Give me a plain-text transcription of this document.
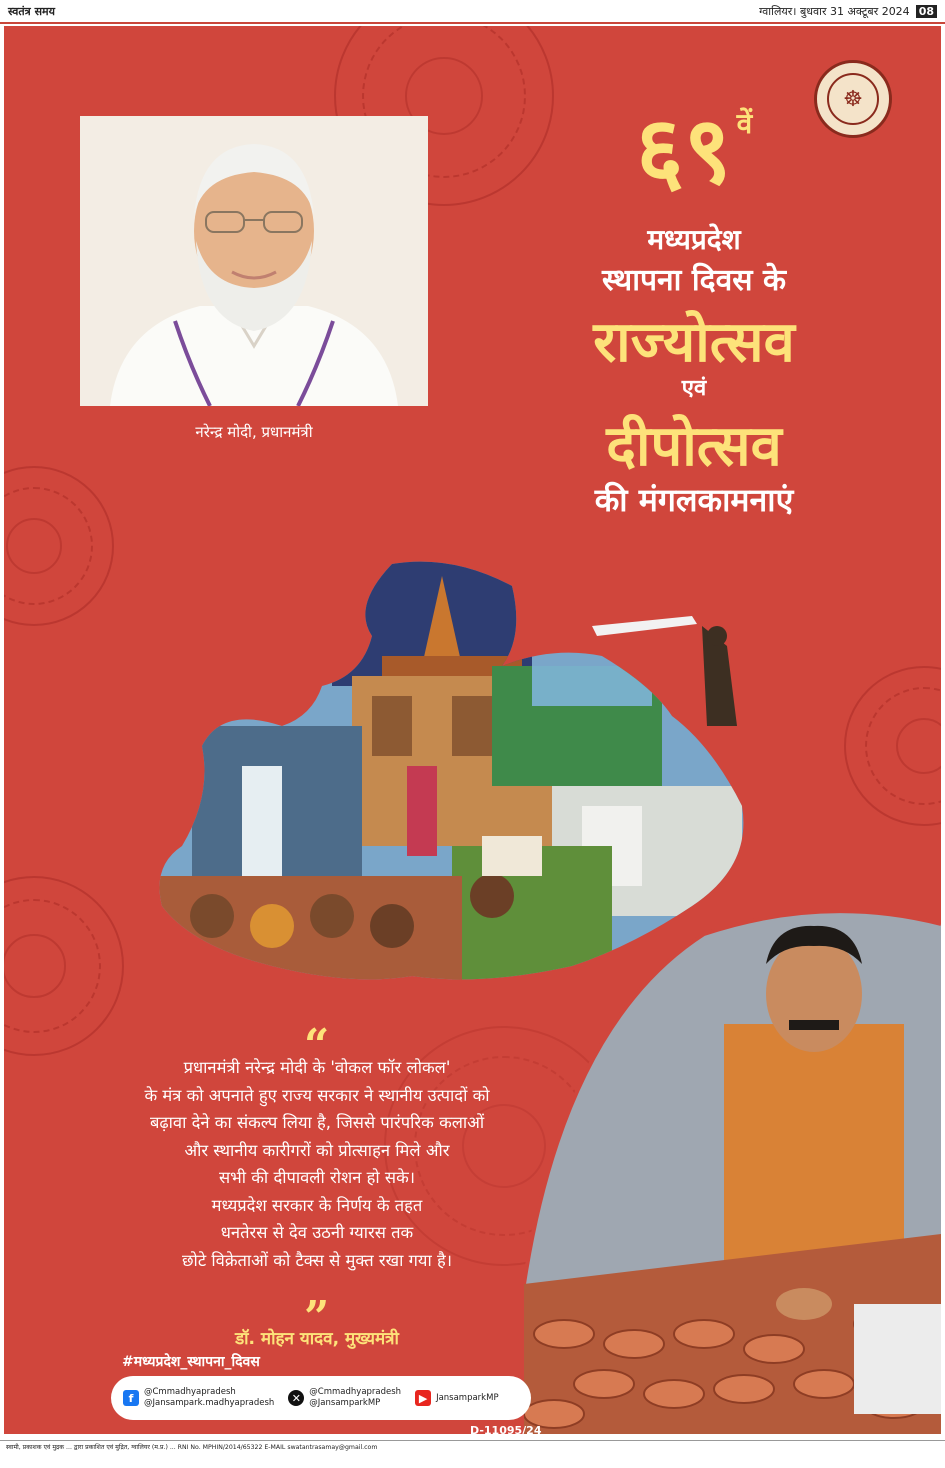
स्वतंत्र समय	ग्वालियर। बुधवार 31 अक्टूबर 2024 08
☸
नरेन्द्र मोदी, प्रधानमंत्री
६९ वें
मध्यप्रदेश
स्थापना दिवस के
राज्योत्सव
एवं
दीपोत्सव
की मंगलकामनाएं
“
प्रधानमंत्री नरेन्द्र मोदी के 'वोकल फॉर लोकल'
के मंत्र को अपनाते हुए राज्य सरकार ने स्थानीय उत्पादों को
बढ़ावा देने का संकल्प लिया है, जिससे पारंपरिक कलाओं
और स्थानीय कारीगरों को प्रोत्साहन मिले और
सभी की दीपावली रोशन हो सके।
मध्यप्रदेश सरकार के निर्णय के तहत
धनतेरस से देव उठनी ग्यारस तक
छोटे विक्रेताओं को टैक्स से मुक्त रखा गया है।
”
डॉ. मोहन यादव, मुख्यमंत्री
#मध्यप्रदेश_स्थापना_दिवस
f	@Cmmadhyapradesh
@Jansampark.madhyapradesh	✕ @Cmmadhyapradesh
@JansamparkMP	▶	JansamparkMP
D-11095/24
स्वामी, प्रकाशक एवं मुद्रक ... द्वारा प्रकाशित एवं मुद्रित, ग्वालियर (म.प्र.) ... RNI No. MPHIN/2014/65322 E-MAIL swatantrasamay@gmail.com
